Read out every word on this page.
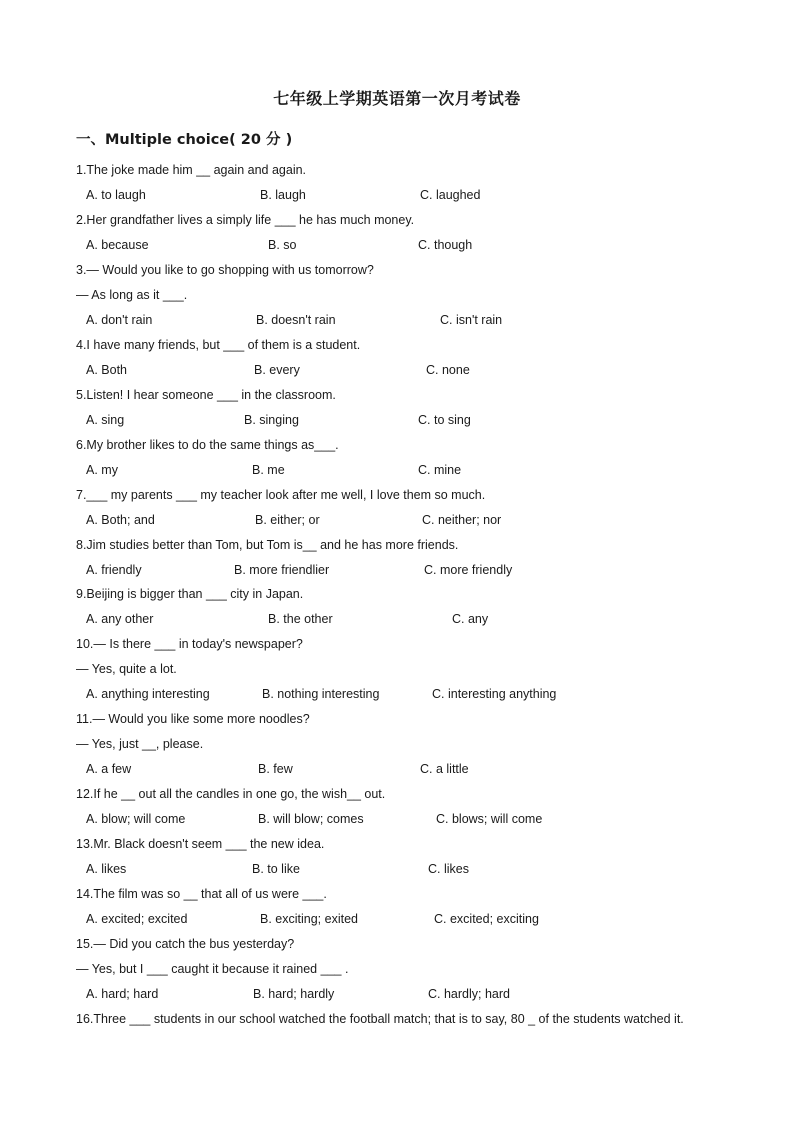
七年级上学期英语第一次月考试卷
一、Multiple choice( 20 分 )
1.The joke made him __ again and again.
A. to laugh	B. laugh	C. laughed
2.Her grandfather lives a simply life ___ he has much money.
A. because	B. so	C. though
3.— Would you like to go shopping with us tomorrow?
— As long as it ___.
A. don't rain	B. doesn't rain	C. isn't rain
4.I have many friends, but ___ of them is a student.
A. Both	B. every	C. none
5.Listen! I hear someone ___ in the classroom.
A. sing	B. singing	C. to sing
6.My brother likes to do the same things as___.
A. my	B. me	C. mine
7.___ my parents ___ my teacher look after me well, I love them so much.
A. Both; and	B. either; or	C. neither; nor
8.Jim studies better than Tom, but Tom is__ and he has more friends.
A. friendly	B. more friendlier	C. more friendly
9.Beijing is bigger than ___ city in Japan.
A. any other	B. the other	C. any
10.— Is there ___ in today's newspaper?
— Yes, quite a lot.
A. anything interesting	B. nothing interesting	C. interesting anything
11.— Would you like some more noodles?
— Yes, just __, please.
A. a few	B. few	C. a little
12.If he __ out all the candles in one go, the wish__ out.
A. blow; will come	B. will blow; comes	C. blows; will come
13.Mr. Black doesn't seem ___ the new idea.
A. likes	B. to like	C. likes
14.The film was so __ that all of us were ___.
A. excited; excited	B. exciting; exited	C. excited; exciting
15.— Did you catch the bus yesterday?
— Yes, but I ___ caught it because it rained ___ .
A. hard; hard	B. hard; hardly	C. hardly; hard
16.Three ___ students in our school watched the football match; that is to say, 80 _ of the students watched it.
